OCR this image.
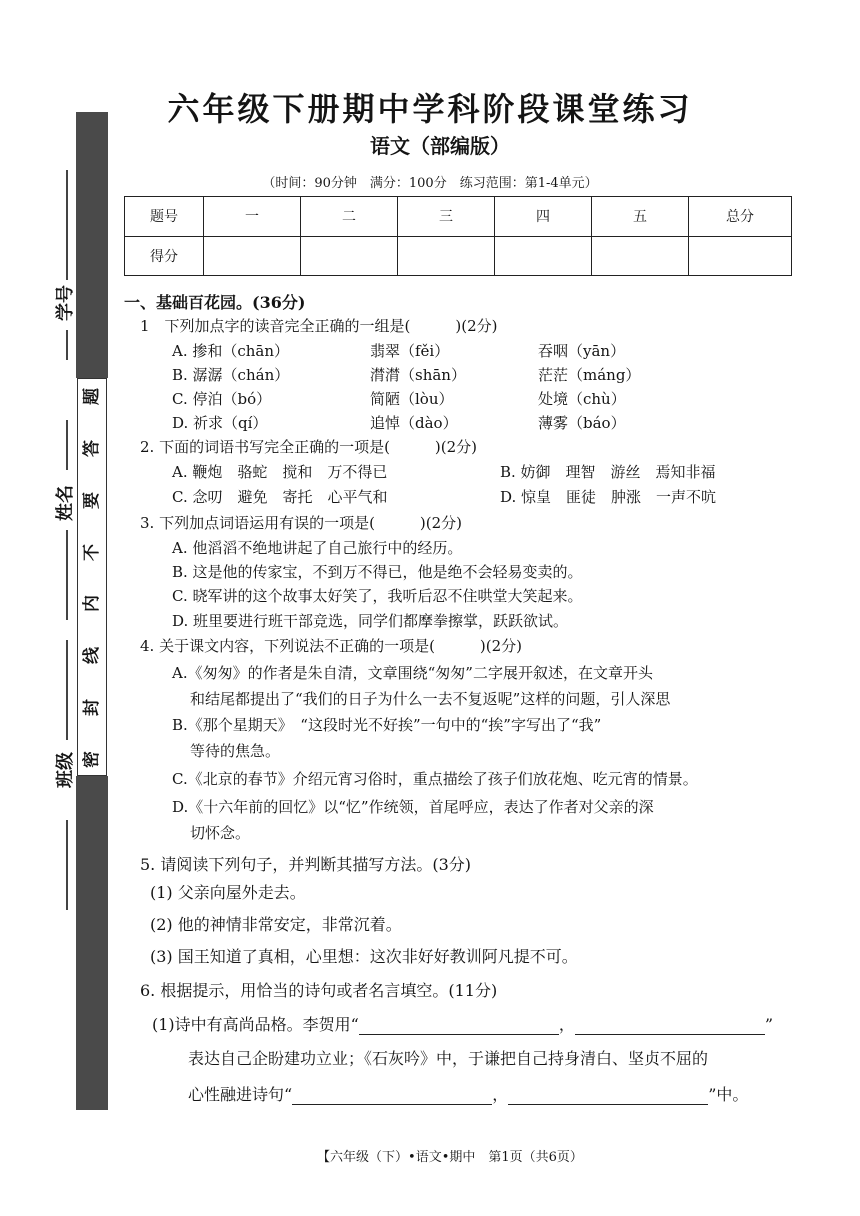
题
答
要
不
内
线
封
密
学号
姓名
班级
六年级下册期中学科阶段课堂练习
语文（部编版）
（时间：90分钟　满分：100分　练习范围：第1-4单元）
题号	一	二	三	四	五	总分
得分						
一、基础百花园。(36分)
1　下列加点字的读音完全正确的一组是(　　　)(2分)
A. 掺和（chān）	翡翠（fěi）	吞咽（yān）
B. 潺潺（chán）	潸潸（shān）	茫茫（máng）
C. 停泊（bó）	简陋（lòu）	处境（chù）
D. 祈求（qí）	追悼（dào）	薄雾（báo）
2. 下面的词语书写完全正确的一项是(　　　)(2分)
A. 鞭炮　骆蛇　搅和　万不得已	B. 妨御　理智　游丝　焉知非福
C. 念叨　避免　寄托　心平气和	D. 惊皇　匪徒　肿涨　一声不吭
3. 下列加点词语运用有误的一项是(　　　)(2分)
A. 他滔滔不绝地讲起了自己旅行中的经历。
B. 这是他的传家宝，不到万不得已，他是绝不会轻易变卖的。
C. 晓军讲的这个故事太好笑了，我听后忍不住哄堂大笑起来。
D. 班里要进行班干部竞选，同学们都摩拳擦掌，跃跃欲试。
4. 关于课文内容，下列说法不正确的一项是(　　　)(2分)
A.《匆匆》的作者是朱自清，文章围绕“匆匆”二字展开叙述，在文章开头
和结尾都提出了“我们的日子为什么一去不复返呢”这样的问题，引人深思
B.《那个星期天》　“这段时光不好挨”一句中的“挨”字写出了“我”
等待的焦急。
C.《北京的春节》介绍元宵习俗时，重点描绘了孩子们放花炮、吃元宵的情景。
D.《十六年前的回忆》以“忆”作统领，首尾呼应，表达了作者对父亲的深
切怀念。
5. 请阅读下列句子，并判断其描写方法。(3分)
(1) 父亲向屋外走去。
(2) 他的神情非常安定，非常沉着。
(3) 国王知道了真相，心里想：这次非好好教训阿凡提不可。
6. 根据提示，用恰当的诗句或者名言填空。(11分)
(1)诗中有高尚品格。李贺用“	，	”
表达自己企盼建功立业；《石灰吟》中，于谦把自己持身清白、坚贞不屈的
心性融进诗句“	，	”中。
【六年级（下）•语文•期中　第1页（共6页）
